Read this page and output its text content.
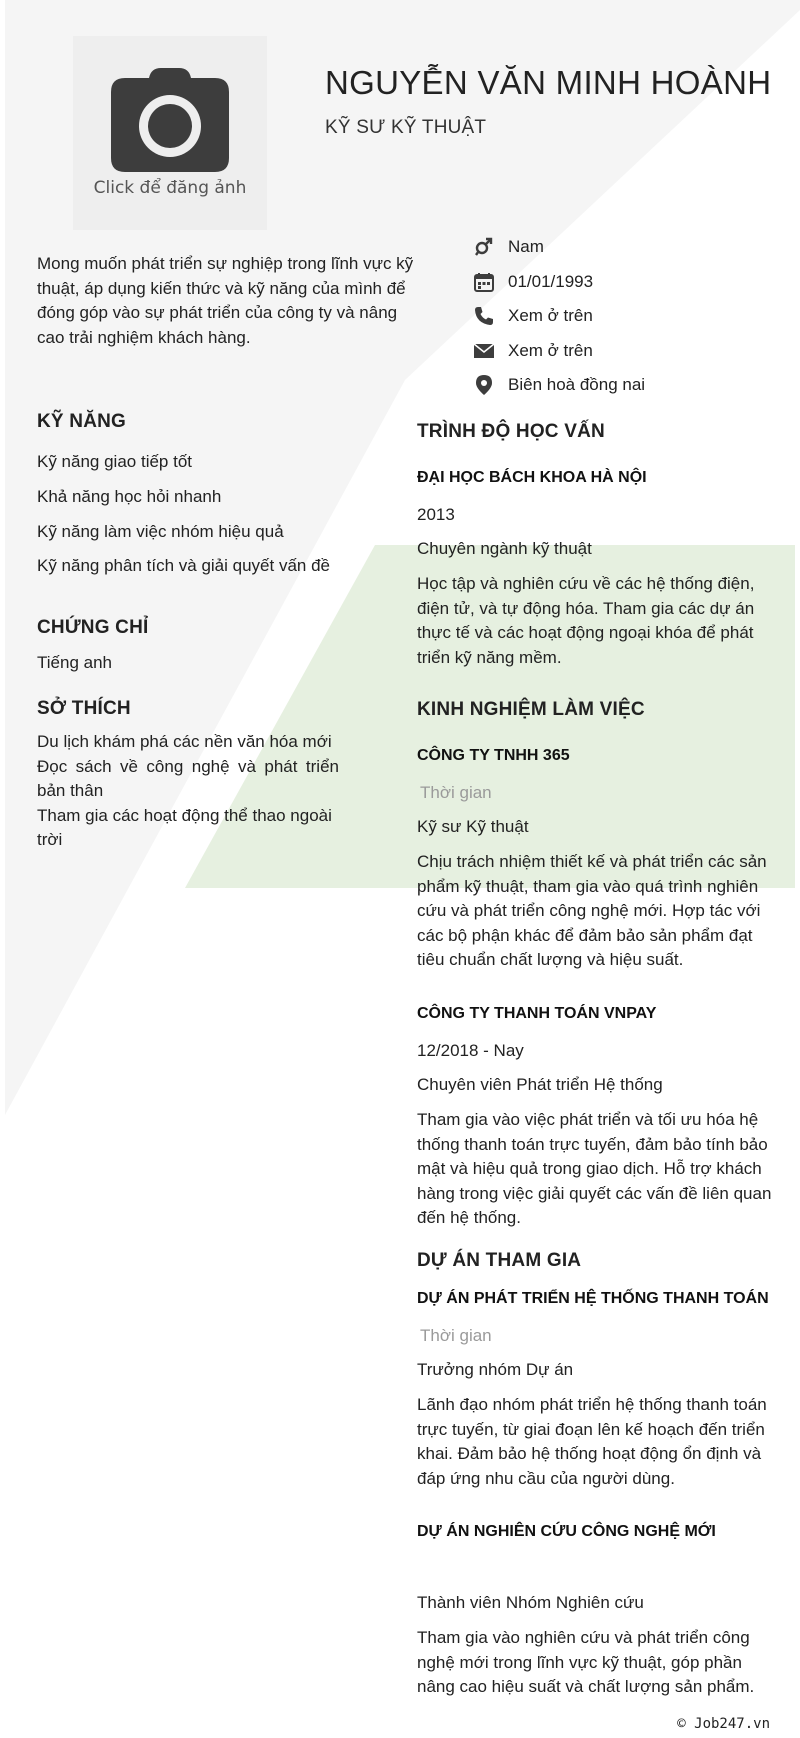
Click để đăng ảnh
NGUYỄN VĂN MINH HOÀNH
KỸ SƯ KỸ THUẬT
Mong muốn phát triển sự nghiệp trong lĩnh vực kỹ thuật, áp dụng kiến thức và kỹ năng của mình để đóng góp vào sự phát triển của công ty và nâng cao trải nghiệm khách hàng.
Nam
01/01/1993
Xem ở trên
Xem ở trên
Biên hoà đồng nai
KỸ NĂNG
Kỹ năng giao tiếp tốt
Khả năng học hỏi nhanh
Kỹ năng làm việc nhóm hiệu quả
Kỹ năng phân tích và giải quyết vấn đề
CHỨNG CHỈ
Tiếng anh
SỞ THÍCH
Du lịch khám phá các nền văn hóa mới
Đọc sách về công nghệ và phát triển bản thân
Tham gia các hoạt động thể thao ngoài trời
TRÌNH ĐỘ HỌC VẤN
ĐẠI HỌC BÁCH KHOA HÀ NỘI
2013
Chuyên ngành kỹ thuật
Học tập và nghiên cứu về các hệ thống điện, điện tử, và tự động hóa. Tham gia các dự án thực tế và các hoạt động ngoại khóa để phát triển kỹ năng mềm.
KINH NGHIỆM LÀM VIỆC
CÔNG TY TNHH 365
Thời gian
Kỹ sư Kỹ thuật
Chịu trách nhiệm thiết kế và phát triển các sản phẩm kỹ thuật, tham gia vào quá trình nghiên cứu và phát triển công nghệ mới. Hợp tác với các bộ phận khác để đảm bảo sản phẩm đạt tiêu chuẩn chất lượng và hiệu suất.
CÔNG TY THANH TOÁN VNPAY
12/2018 - Nay
Chuyên viên Phát triển Hệ thống
Tham gia vào việc phát triển và tối ưu hóa hệ thống thanh toán trực tuyến, đảm bảo tính bảo mật và hiệu quả trong giao dịch. Hỗ trợ khách hàng trong việc giải quyết các vấn đề liên quan đến hệ thống.
DỰ ÁN THAM GIA
DỰ ÁN PHÁT TRIỂN HỆ THỐNG THANH TOÁN
Thời gian
Trưởng nhóm Dự án
Lãnh đạo nhóm phát triển hệ thống thanh toán trực tuyến, từ giai đoạn lên kế hoạch đến triển khai. Đảm bảo hệ thống hoạt động ổn định và đáp ứng nhu cầu của người dùng.
DỰ ÁN NGHIÊN CỨU CÔNG NGHỆ MỚI
Thành viên Nhóm Nghiên cứu
Tham gia vào nghiên cứu và phát triển công nghệ mới trong lĩnh vực kỹ thuật, góp phần nâng cao hiệu suất và chất lượng sản phẩm.
© Job247.vn
